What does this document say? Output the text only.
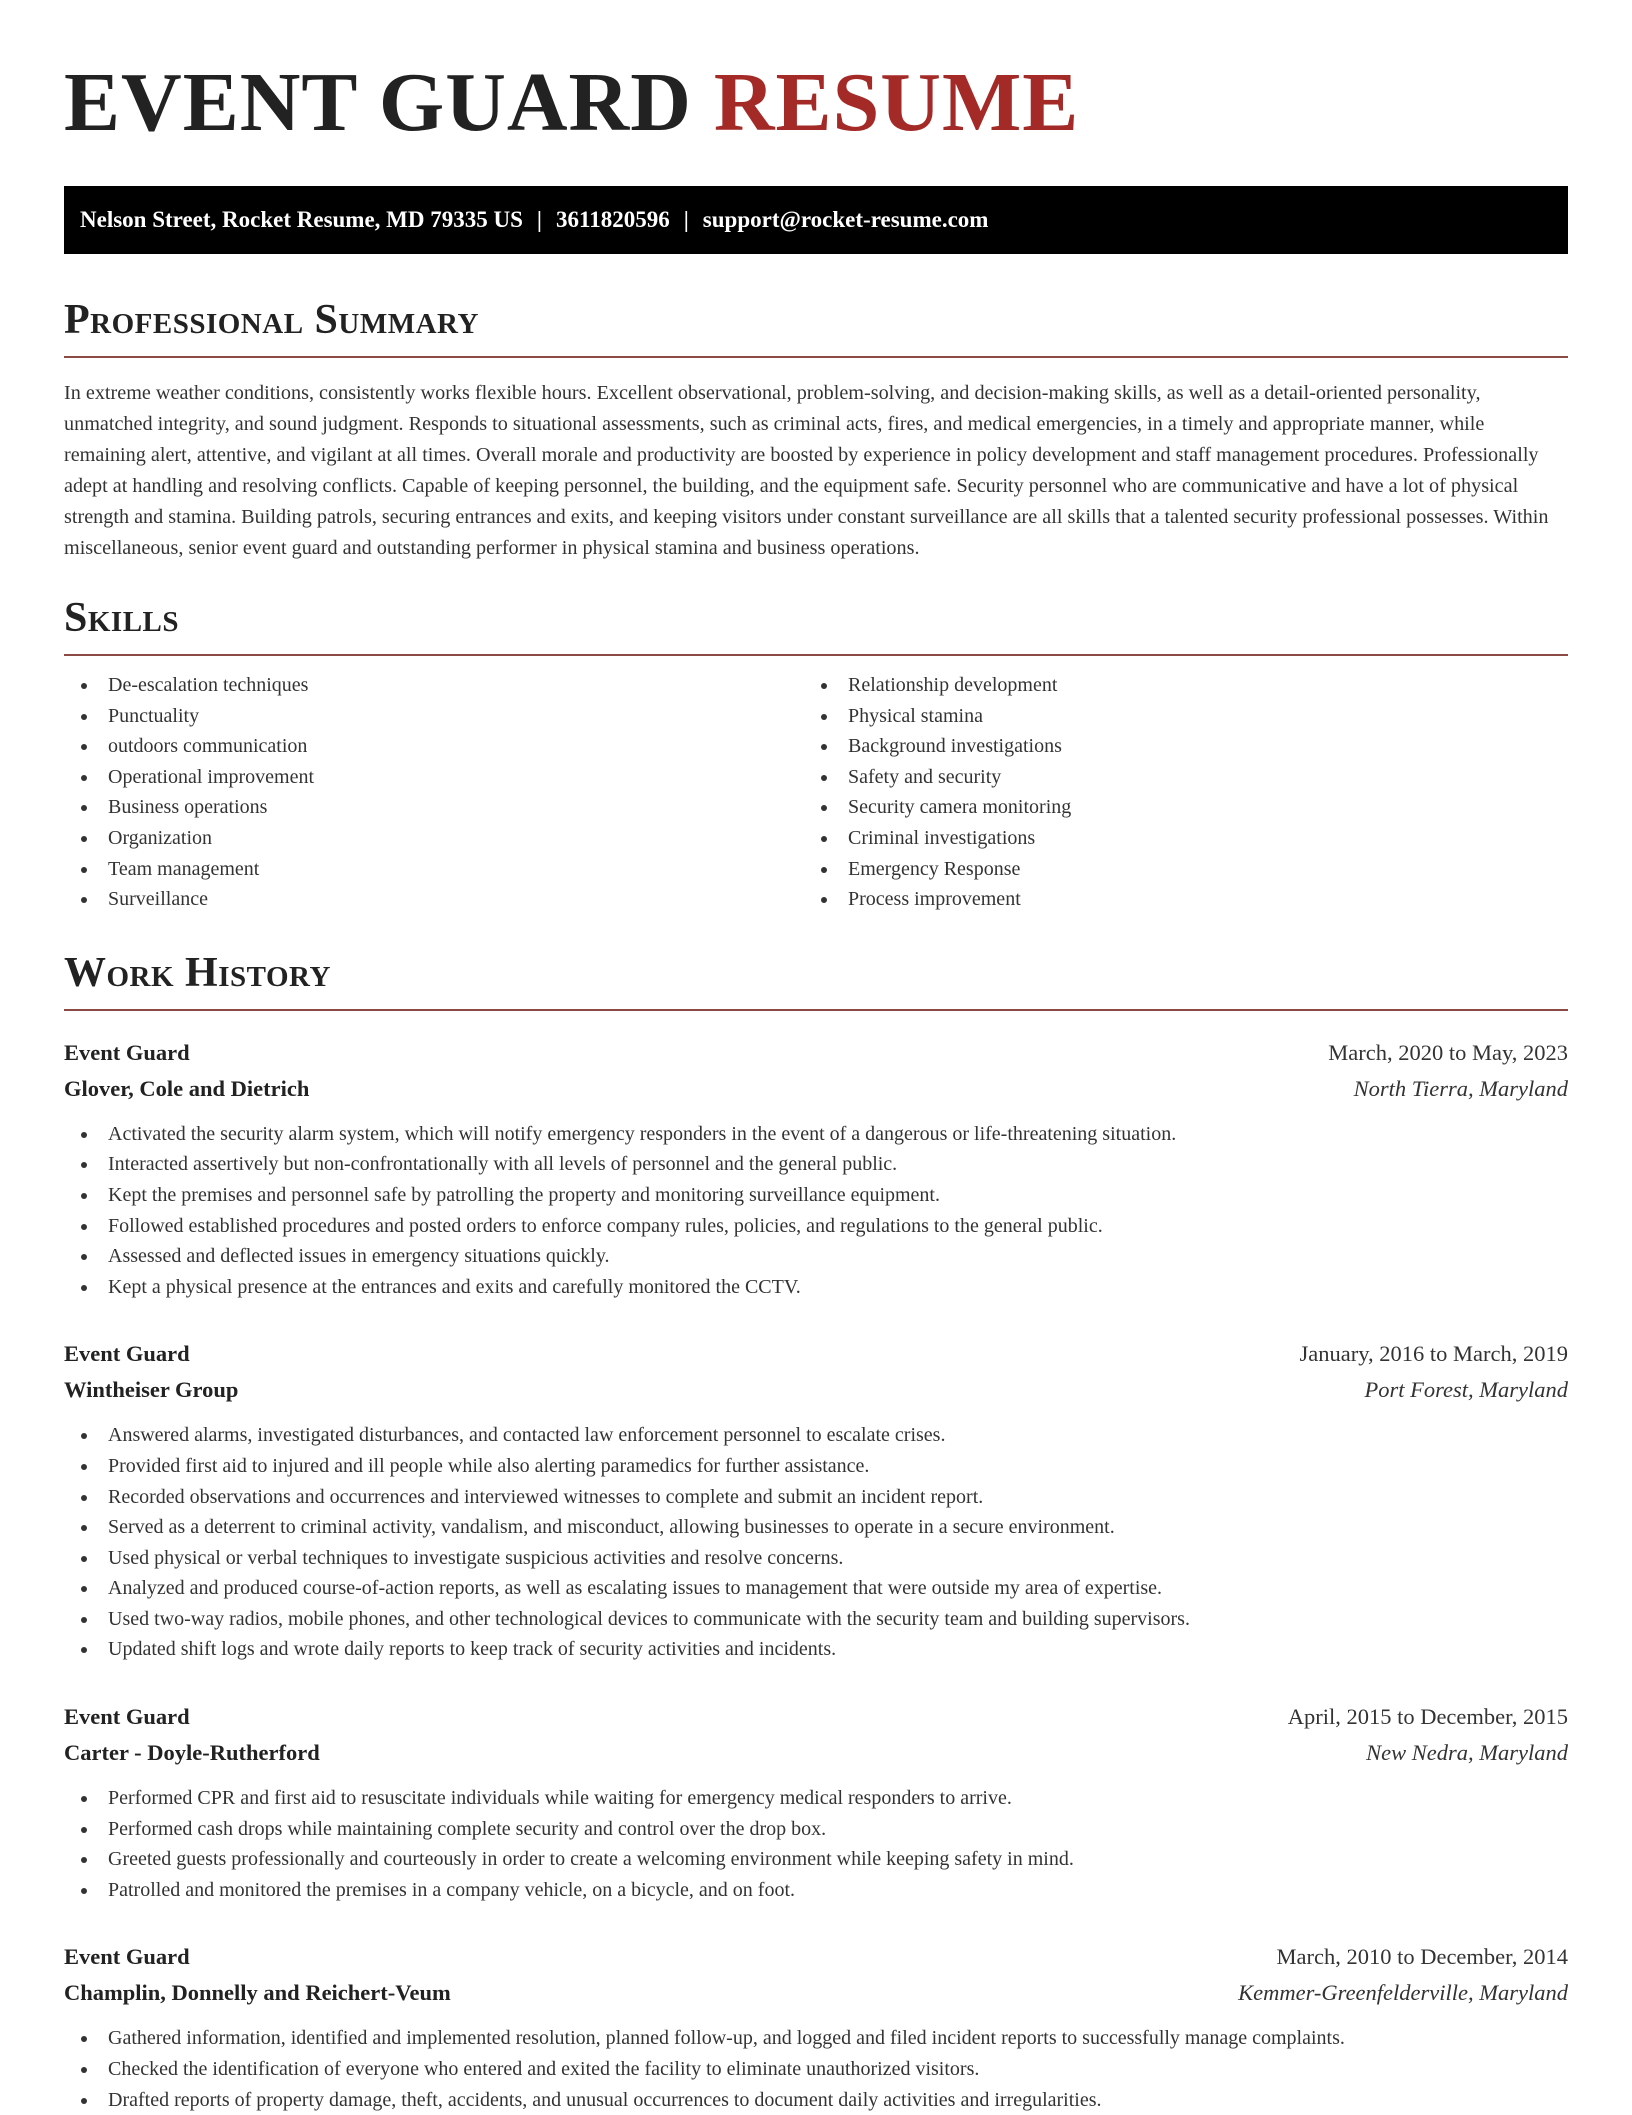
EVENT GUARD RESUME
Nelson Street, Rocket Resume, MD 79335 US | 3611820596 | support@rocket-resume.com
Professional Summary

In extreme weather conditions, consistently works flexible hours. Excellent observational, problem-solving, and decision-making skills, as well as a detail-oriented personality, unmatched integrity, and sound judgment. Responds to situational assessments, such as criminal acts, fires, and medical emergencies, in a timely and appropriate manner, while remaining alert, attentive, and vigilant at all times. Overall morale and productivity are boosted by experience in policy development and staff management procedures. Professionally adept at handling and resolving conflicts. Capable of keeping personnel, the building, and the equipment safe. Security personnel who are communicative and have a lot of physical strength and stamina. Building patrols, securing entrances and exits, and keeping visitors under constant surveillance are all skills that a talented security professional possesses. Within miscellaneous, senior event guard and outstanding performer in physical stamina and business operations.

Skills
De-escalation techniques
Punctuality
outdoors communication
Operational improvement
Business operations
Organization
Team management
Surveillance
Relationship development
Physical stamina
Background investigations
Safety and security
Security camera monitoring
Criminal investigations
Emergency Response
Process improvement
Work History
Event Guard	March, 2020 to May, 2023
Glover, Cole and Dietrich	North Tierra, Maryland
Activated the security alarm system, which will notify emergency responders in the event of a dangerous or life-threatening situation.
Interacted assertively but non-confrontationally with all levels of personnel and the general public.
Kept the premises and personnel safe by patrolling the property and monitoring surveillance equipment.
Followed established procedures and posted orders to enforce company rules, policies, and regulations to the general public.
Assessed and deflected issues in emergency situations quickly.
Kept a physical presence at the entrances and exits and carefully monitored the CCTV.
Event Guard	January, 2016 to March, 2019
Wintheiser Group	Port Forest, Maryland
Answered alarms, investigated disturbances, and contacted law enforcement personnel to escalate crises.
Provided first aid to injured and ill people while also alerting paramedics for further assistance.
Recorded observations and occurrences and interviewed witnesses to complete and submit an incident report.
Served as a deterrent to criminal activity, vandalism, and misconduct, allowing businesses to operate in a secure environment.
Used physical or verbal techniques to investigate suspicious activities and resolve concerns.
Analyzed and produced course-of-action reports, as well as escalating issues to management that were outside my area of expertise.
Used two-way radios, mobile phones, and other technological devices to communicate with the security team and building supervisors.
Updated shift logs and wrote daily reports to keep track of security activities and incidents.
Event Guard	April, 2015 to December, 2015
Carter - Doyle-Rutherford	New Nedra, Maryland
Performed CPR and first aid to resuscitate individuals while waiting for emergency medical responders to arrive.
Performed cash drops while maintaining complete security and control over the drop box.
Greeted guests professionally and courteously in order to create a welcoming environment while keeping safety in mind.
Patrolled and monitored the premises in a company vehicle, on a bicycle, and on foot.
Event Guard	March, 2010 to December, 2014
Champlin, Donnelly and Reichert-Veum	Kemmer-Greenfelderville, Maryland
Gathered information, identified and implemented resolution, planned follow-up, and logged and filed incident reports to successfully manage complaints.
Checked the identification of everyone who entered and exited the facility to eliminate unauthorized visitors.
Drafted reports of property damage, theft, accidents, and unusual occurrences to document daily activities and irregularities.
